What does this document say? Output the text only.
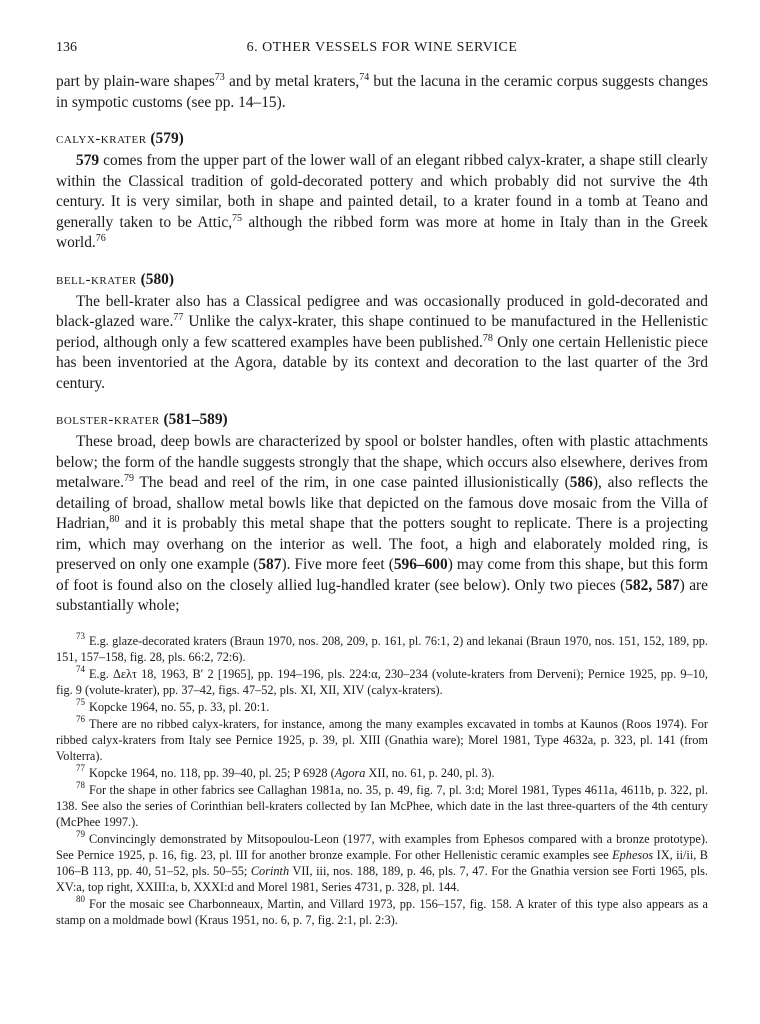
136	6. OTHER VESSELS FOR WINE SERVICE

part by plain-ware shapes$^{73}$ and by metal kraters,$^{74}$ but the lacuna in the ceramic corpus suggests changes in sympotic customs (see pp. 14–15).

calyx-krater (579)

579 comes from the upper part of the lower wall of an elegant ribbed calyx-krater, a shape still clearly within the Classical tradition of gold-decorated pottery and which probably did not survive the 4th century. It is very similar, both in shape and painted detail, to a krater found in a tomb at Teano and generally taken to be Attic,$^{75}$ although the ribbed form was more at home in Italy than in the Greek world.$^{76}$

bell-krater (580)

The bell-krater also has a Classical pedigree and was occasionally produced in gold-decorated and black-glazed ware.$^{77}$ Unlike the calyx-krater, this shape continued to be manufactured in the Hellenistic period, although only a few scattered examples have been published.$^{78}$ Only one certain Hellenistic piece has been inventoried at the Agora, datable by its context and decoration to the last quarter of the 3rd century.

bolster-krater (581–589)

These broad, deep bowls are characterized by spool or bolster handles, often with plastic attachments below; the form of the handle suggests strongly that the shape, which occurs also elsewhere, derives from metalware.$^{79}$ The bead and reel of the rim, in one case painted illusionistically (586), also reflects the detailing of broad, shallow metal bowls like that depicted on the famous dove mosaic from the Villa of Hadrian,$^{80}$ and it is probably this metal shape that the potters sought to replicate. There is a projecting rim, which may overhang on the interior as well. The foot, a high and elaborately molded ring, is preserved on only one example (587). Five more feet (596–600) may come from this shape, but this form of foot is found also on the closely allied lug-handled krater (see below). Only two pieces (582, 587) are substantially whole;

$^{73}$ E.g. glaze-decorated kraters (Braun 1970, nos. 208, 209, p. 161, pl. 76:1, 2) and lekanai (Braun 1970, nos. 151, 152, 189, pp. 151, 157–158, fig. 28, pls. 66:2, 72:6).

$^{74}$ E.g. Δελτ 18, 1963, B′ 2 [1965], pp. 194–196, pls. 224:α, 230–234 (volute-kraters from Derveni); Pernice 1925, pp. 9–10, fig. 9 (volute-krater), pp. 37–42, figs. 47–52, pls. XI, XII, XIV (calyx-kraters).

$^{75}$ Kopcke 1964, no. 55, p. 33, pl. 20:1.

$^{76}$ There are no ribbed calyx-kraters, for instance, among the many examples excavated in tombs at Kaunos (Roos 1974). For ribbed calyx-kraters from Italy see Pernice 1925, p. 39, pl. XIII (Gnathia ware); Morel 1981, Type 4632a, p. 323, pl. 141 (from Volterra).

$^{77}$ Kopcke 1964, no. 118, pp. 39–40, pl. 25; P 6928 (Agora XII, no. 61, p. 240, pl. 3).

$^{78}$ For the shape in other fabrics see Callaghan 1981a, no. 35, p. 49, fig. 7, pl. 3:d; Morel 1981, Types 4611a, 4611b, p. 322, pl. 138. See also the series of Corinthian bell-kraters collected by Ian McPhee, which date in the last three-quarters of the 4th century (McPhee 1997.).

$^{79}$ Convincingly demonstrated by Mitsopoulou-Leon (1977, with examples from Ephesos compared with a bronze prototype). See Pernice 1925, p. 16, fig. 23, pl. III for another bronze example. For other Hellenistic ceramic examples see Ephesos IX, ii/ii, B 106–B 113, pp. 40, 51–52, pls. 50–55; Corinth VII, iii, nos. 188, 189, p. 46, pls. 7, 47. For the Gnathia version see Forti 1965, pls. XV:a, top right, XXIII:a, b, XXXI:d and Morel 1981, Series 4731, p. 328, pl. 144.

$^{80}$ For the mosaic see Charbonneaux, Martin, and Villard 1973, pp. 156–157, fig. 158. A krater of this type also appears as a stamp on a moldmade bowl (Kraus 1951, no. 6, p. 7, fig. 2:1, pl. 2:3).
